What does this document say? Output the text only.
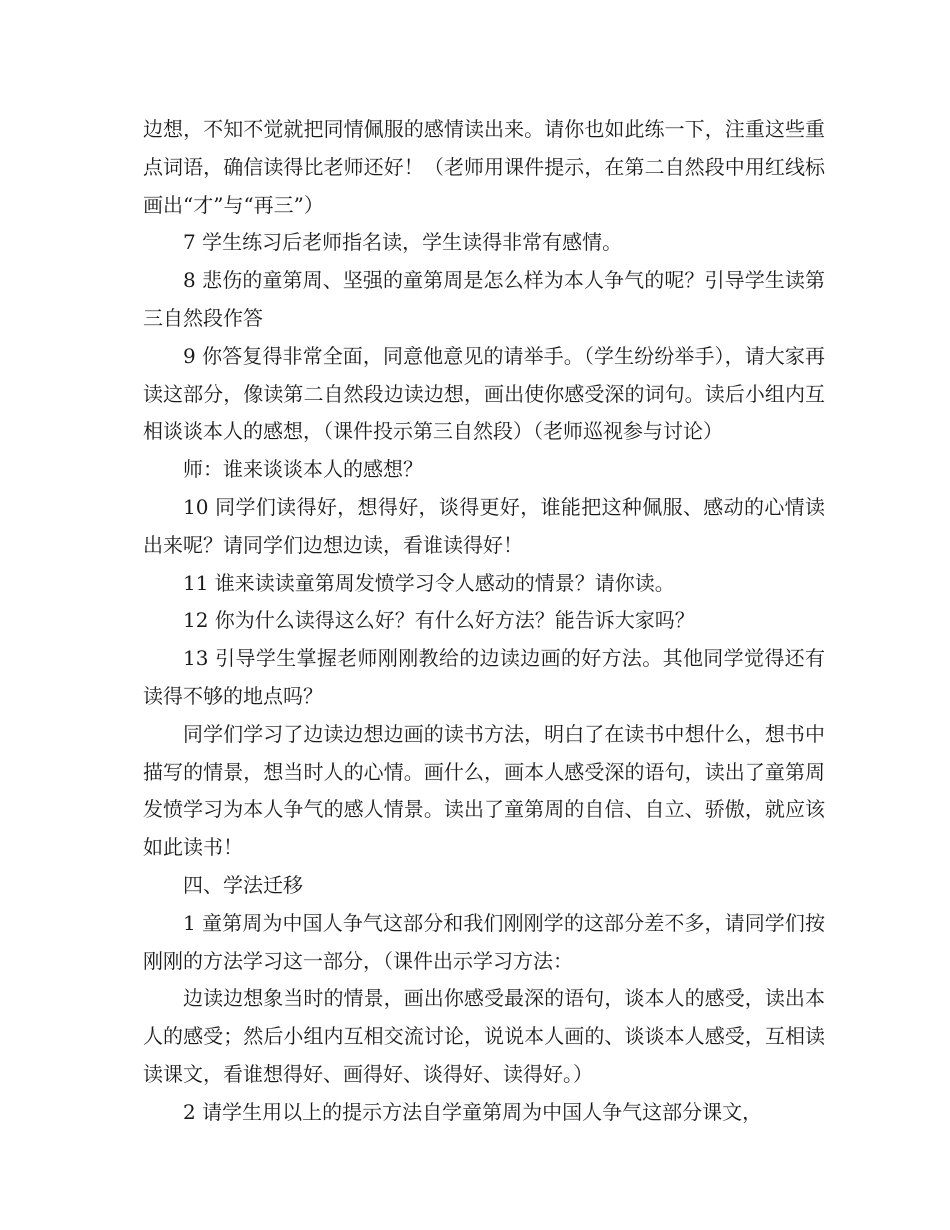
边想，不知不觉就把同情佩服的感情读出来。请你也如此练一下，注重这些重点词语，确信读得比老师还好！（老师用课件提示，在第二自然段中用红线标画出“才”与“再三”）

7 学生练习后老师指名读，学生读得非常有感情。

8 悲伤的童第周、坚强的童第周是怎么样为本人争气的呢？引导学生读第三自然段作答

9 你答复得非常全面，同意他意见的请举手。（学生纷纷举手），请大家再读这部分，像读第二自然段边读边想，画出使你感受深的词句。读后小组内互相谈谈本人的感想，（课件投示第三自然段）（老师巡视参与讨论）

师：谁来谈谈本人的感想？

10 同学们读得好，想得好，谈得更好，谁能把这种佩服、感动的心情读出来呢？请同学们边想边读，看谁读得好！

11 谁来读读童第周发愤学习令人感动的情景？请你读。

12 你为什么读得这么好？有什么好方法？能告诉大家吗？

13 引导学生掌握老师刚刚教给的边读边画的好方法。其他同学觉得还有读得不够的地点吗？

同学们学习了边读边想边画的读书方法，明白了在读书中想什么，想书中描写的情景，想当时人的心情。画什么，画本人感受深的语句，读出了童第周发愤学习为本人争气的感人情景。读出了童第周的自信、自立、骄傲，就应该如此读书！

四、学法迁移

1 童第周为中国人争气这部分和我们刚刚学的这部分差不多，请同学们按刚刚的方法学习这一部分，（课件出示学习方法：

边读边想象当时的情景，画出你感受最深的语句，谈本人的感受，读出本人的感受；然后小组内互相交流讨论，说说本人画的、谈谈本人感受，互相读读课文，看谁想得好、画得好、谈得好、读得好。）

2 请学生用以上的提示方法自学童第周为中国人争气这部分课文，
